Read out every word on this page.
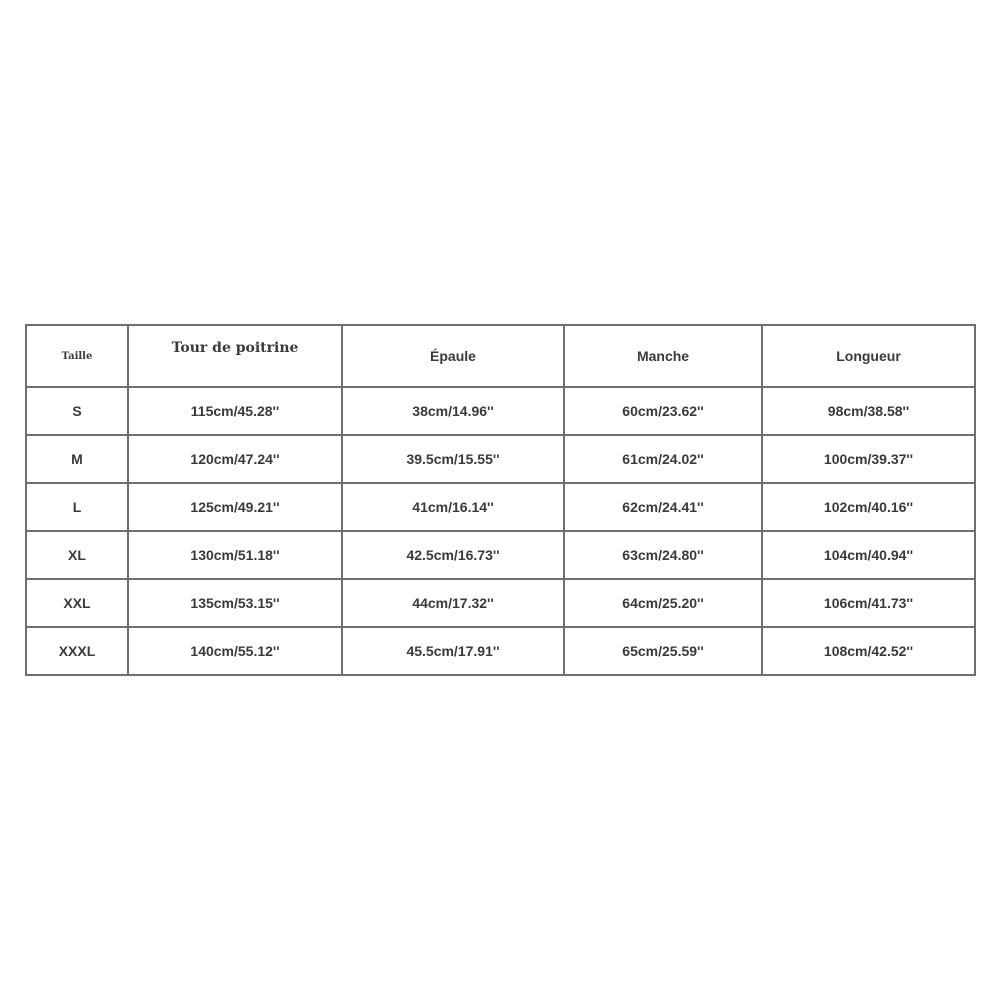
Taille	Tour de poitrine	Épaule	Manche	Longueur
S	115cm/45.28''	38cm/14.96''	60cm/23.62''	98cm/38.58''
M	120cm/47.24''	39.5cm/15.55''	61cm/24.02''	100cm/39.37''
L	125cm/49.21''	41cm/16.14''	62cm/24.41''	102cm/40.16''
XL	130cm/51.18''	42.5cm/16.73''	63cm/24.80''	104cm/40.94''
XXL	135cm/53.15''	44cm/17.32''	64cm/25.20''	106cm/41.73''
XXXL	140cm/55.12''	45.5cm/17.91''	65cm/25.59''	108cm/42.52''
